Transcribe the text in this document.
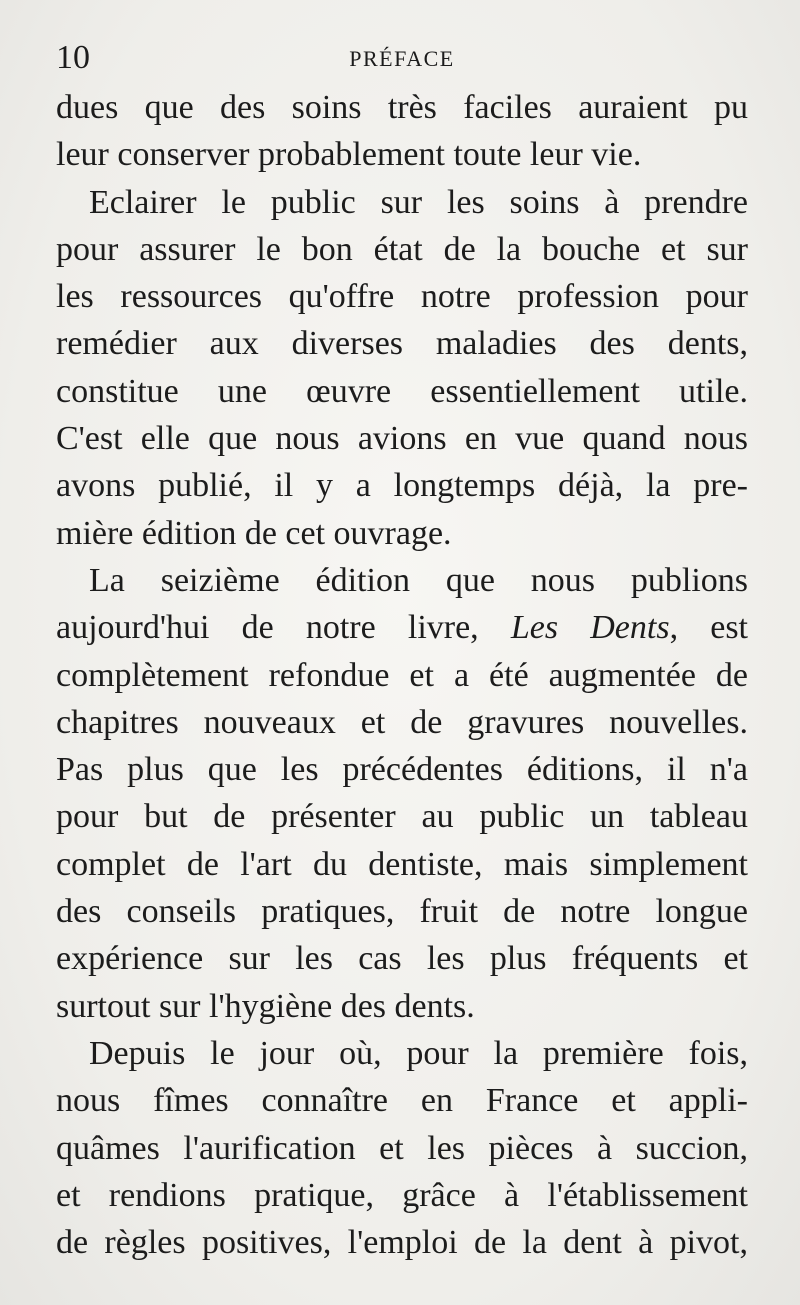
10	PRÉFACE
dues que des soins très faciles auraient pu
leur conserver probablement toute leur vie.
Eclairer le public sur les soins à prendre
pour assurer le bon état de la bouche et sur
les ressources qu'offre notre profession pour
remédier aux diverses maladies des dents,
constitue une œuvre essentiellement utile.
C'est elle que nous avions en vue quand nous
avons publié, il y a longtemps déjà, la pre-
mière édition de cet ouvrage.
La seizième édition que nous publions
aujourd'hui de notre livre, Les Dents, est
complètement refondue et a été augmentée de
chapitres nouveaux et de gravures nouvelles.
Pas plus que les précédentes éditions, il n'a
pour but de présenter au public un tableau
complet de l'art du dentiste, mais simplement
des conseils pratiques, fruit de notre longue
expérience sur les cas les plus fréquents et
surtout sur l'hygiène des dents.
Depuis le jour où, pour la première fois,
nous fîmes connaître en France et appli-
quâmes l'aurification et les pièces à succion,
et rendions pratique, grâce à l'établissement
de règles positives, l'emploi de la dent à pivot,
